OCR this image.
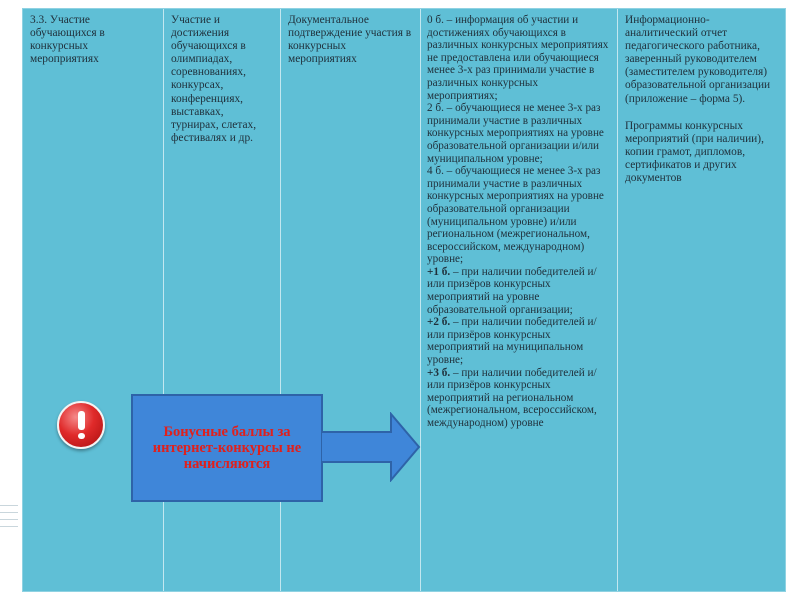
3.3. Участие обучающихся в конкурсных мероприятиях
Участие и достижения обучающихся в олимпиадах, соревнованиях, конкурсах, конференциях, выставках, турнирах, слетах, фестивалях и др.
Документальное подтверждение участия в конкурсных мероприятиях
0 б. – информация об участии и достижениях обучающихся в различных конкурсных мероприятиях не предоставлена или обучающиеся менее 3-х раз принимали участие в различных конкурсных мероприятиях;
2 б. – обучающиеся не менее 3-х раз принимали участие в различных конкурсных мероприятиях на уровне образовательной организации и/или муниципальном уровне;
4 б. – обучающиеся не менее 3-х раз принимали участие в различных конкурсных мероприятиях на уровне образовательной организации (муниципальном уровне) и/или региональном (межрегиональном, всероссийском, международном) уровне;
+1 б. – при наличии победителей и/или призёров конкурсных мероприятий на уровне образовательной организации;
+2 б. – при наличии победителей и/или призёров конкурсных мероприятий на муниципальном уровне;
+3 б. – при наличии победителей и/или призёров конкурсных мероприятий на региональном (межрегиональном, всероссийском, международном) уровне
Информационно-аналитический отчет педагогического работника, заверенный руководителем (заместителем руководителя) образовательной организации (приложение – форма 5).
Программы конкурсных мероприятий (при наличии), копии грамот, дипломов, сертификатов и других документов
Бонусные баллы за интернет-конкурсы не начисляются
